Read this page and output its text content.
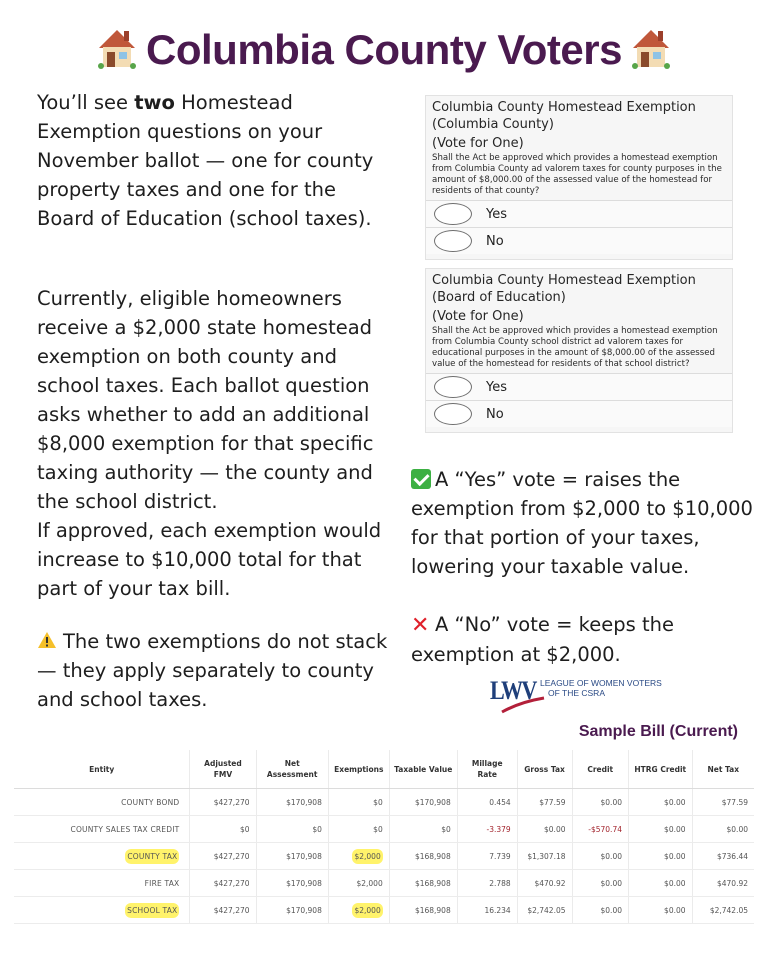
Columbia County Voters
You’ll see two Homestead Exemption questions on your November ballot — one for county property taxes and one for the Board of Education (school taxes).
Currently, eligible homeowners receive a $2,000 state homestead exemption on both county and school taxes. Each ballot question asks whether to add an additional $8,000 exemption for that specific taxing authority — the county and the school district.
If approved, each exemption would increase to $10,000 total for that part of your tax bill.
The two exemptions do not stack — they apply separately to county and school taxes.
Columbia County Homestead Exemption (Columbia County)
(Vote for One)
Shall the Act be approved which provides a homestead exemption from Columbia County ad valorem taxes for county purposes in the amount of $8,000.00 of the assessed value of the homestead for residents of that county?
Yes
No
Columbia County Homestead Exemption (Board of Education)
(Vote for One)
Shall the Act be approved which provides a homestead exemption from Columbia County school district ad valorem taxes for educational purposes in the amount of $8,000.00 of the assessed value of the homestead for residents of that school district?
Yes
No
A “Yes” vote = raises the exemption from $2,000 to $10,000 for that portion of your taxes, lowering your taxable value.
✕ A “No” vote = keeps the exemption at $2,000.
LWV LEAGUE OF WOMEN VOTERS
OF THE CSRA
Sample Bill (Current)
Entity	Adjusted FMV	Net Assessment	Exemptions	Taxable Value	Millage Rate	Gross Tax	Credit	HTRG Credit	Net Tax
COUNTY BOND	$427,270	$170,908	$0	$170,908	0.454	$77.59	$0.00	$0.00	$77.59
COUNTY SALES TAX CREDIT	$0	$0	$0	$0	-3.379	$0.00	-$570.74	$0.00	$0.00
COUNTY TAX	$427,270	$170,908	$2,000	$168,908	7.739	$1,307.18	$0.00	$0.00	$736.44
FIRE TAX	$427,270	$170,908	$2,000	$168,908	2.788	$470.92	$0.00	$0.00	$470.92
SCHOOL TAX	$427,270	$170,908	$2,000	$168,908	16.234	$2,742.05	$0.00	$0.00	$2,742.05
